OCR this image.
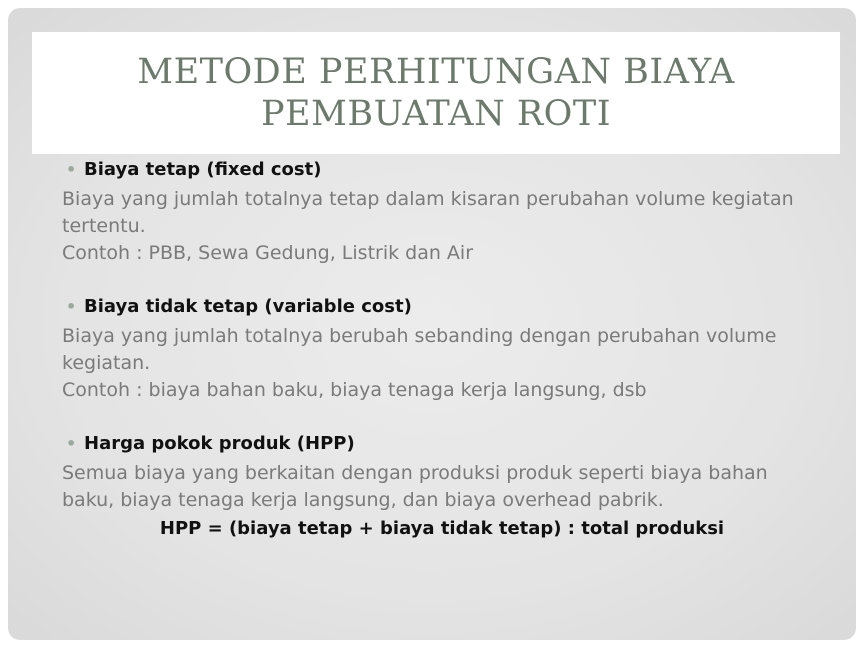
METODE PERHITUNGAN BIAYA
PEMBUATAN ROTI
• Biaya tetap (fixed cost)
Biaya yang jumlah totalnya tetap dalam kisaran perubahan volume kegiatan tertentu.
Contoh : PBB, Sewa Gedung, Listrik dan Air
• Biaya tidak tetap (variable cost)
Biaya yang jumlah totalnya berubah sebanding dengan perubahan volume kegiatan.
Contoh : biaya bahan baku, biaya tenaga kerja langsung, dsb
• Harga pokok produk (HPP)
Semua biaya yang berkaitan dengan produksi produk seperti biaya bahan baku, biaya tenaga kerja langsung, dan biaya overhead pabrik.
HPP = (biaya tetap + biaya tidak tetap) : total produksi
